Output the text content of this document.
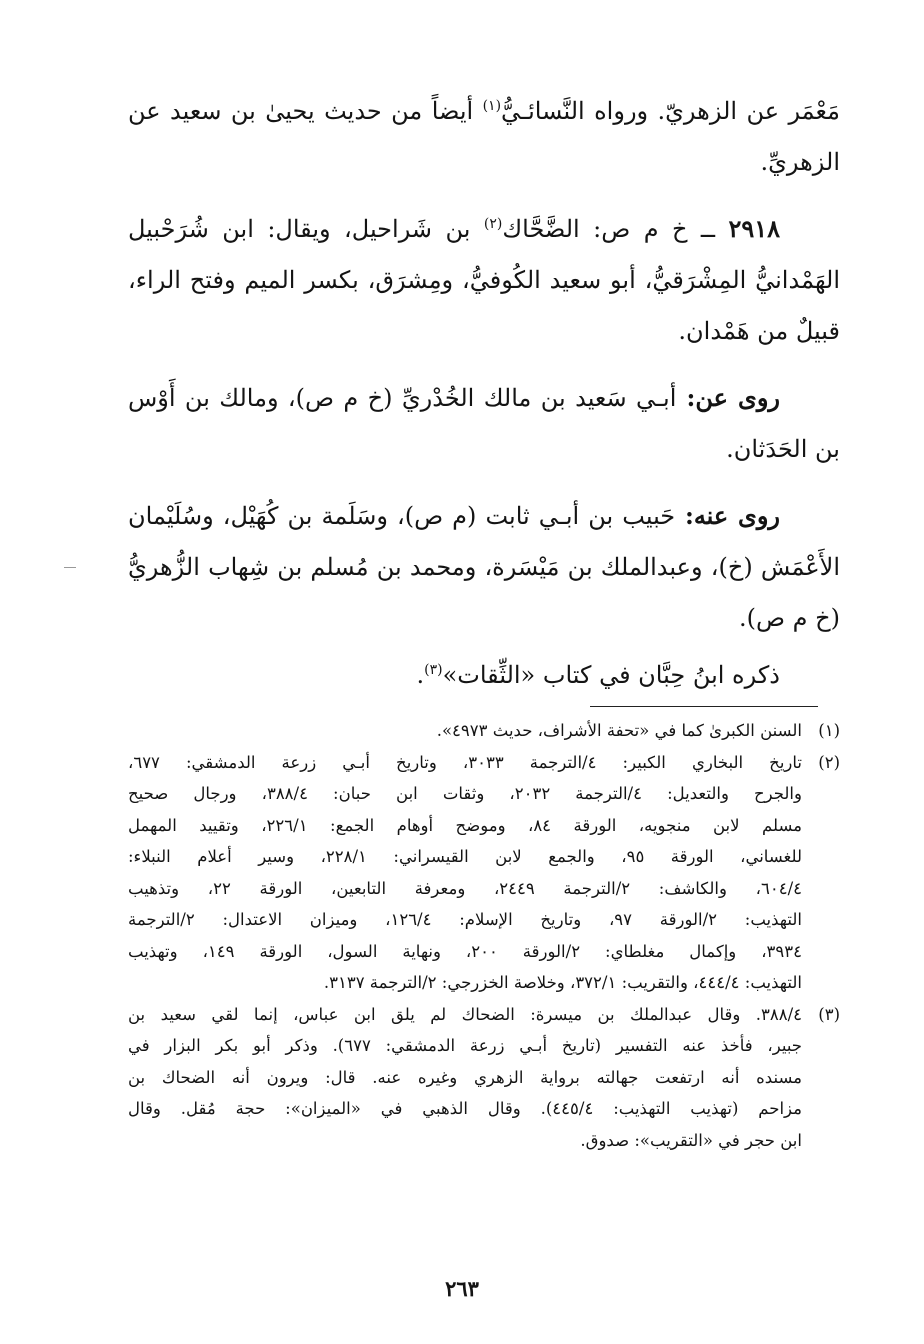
مَعْمَر عن الزهريّ. ورواه النَّسائـيُّ$^{(١)}$ أيضاً من حديث يحيىٰ بن سعيد عن الزهريِّ.

٢٩١٨ ــ خ م ص: الضَّحَّاك$^{(٢)}$ بن شَراحيل، ويقال: ابن شُرَحْبيل الهَمْدانيُّ المِشْرَقيُّ، أبو سعيد الكُوفيُّ، ومِشرَق، بكسر الميم وفتح الراء، قبيلٌ من هَمْدان.

روى عن: أبـي سَعيد بن مالك الخُدْريِّ (خ م ص)، ومالك بن أَوْس بن الحَدَثان.

روى عنه: حَبيب بن أبـي ثابت (م ص)، وسَلَمة بن كُهَيْل، وسُلَيْمان الأَعْمَش (خ)، وعبدالملك بن مَيْسَرة، ومحمد بن مُسلم بن شِهاب الزُّهريُّ (خ م ص).

ذكره ابنُ حِبَّان في كتاب «الثِّقات»$^{(٣)}$.

(١)
السنن الكبرىٰ كما في «تحفة الأشراف، حديث ٤٩٧٣».
(٢)
تاريخ البخاري الكبير: ٤/الترجمة ٣٠٣٣، وتاريخ أبـي زرعة الدمشقي: ٦٧٧،
والجرح والتعديل: ٤/الترجمة ٢٠٣٢، وثقات ابن حبان: ٣٨٨/٤، ورجال صحيح
مسلم لابن منجويه، الورقة ٨٤، وموضح أوهام الجمع: ٢٢٦/١، وتقييد المهمل
للغساني، الورقة ٩٥، والجمع لابن القيسراني: ٢٢٨/١، وسير أعلام النبلاء:
٦٠٤/٤، والكاشف: ٢/الترجمة ٢٤٤٩، ومعرفة التابعين، الورقة ٢٢، وتذهيب
التهذيب: ٢/الورقة ٩٧، وتاريخ الإسلام: ١٢٦/٤، وميزان الاعتدال: ٢/الترجمة
٣٩٣٤، وإكمال مغلطاي: ٢/الورقة ٢٠٠، ونهاية السول، الورقة ١٤٩، وتهذيب
التهذيب: ٤٤٤/٤، والتقريب: ٣٧٢/١، وخلاصة الخزرجي: ٢/الترجمة ٣١٣٧.
(٣)
٣٨٨/٤. وقال عبدالملك بن ميسرة: الضحاك لم يلق ابن عباس، إنما لقي سعيد بن
جبير، فأخذ عنه التفسير (تاريخ أبـي زرعة الدمشقي: ٦٧٧). وذكر أبو بكر البزار في
مسنده أنه ارتفعت جهالته برواية الزهري وغيره عنه. قال: ويرون أنه الضحاك بن
مزاحم (تهذيب التهذيب: ٤٤٥/٤). وقال الذهبي في «الميزان»: حجة مُقل. وقال
ابن حجر في «التقريب»: صدوق.
٢٦٣
